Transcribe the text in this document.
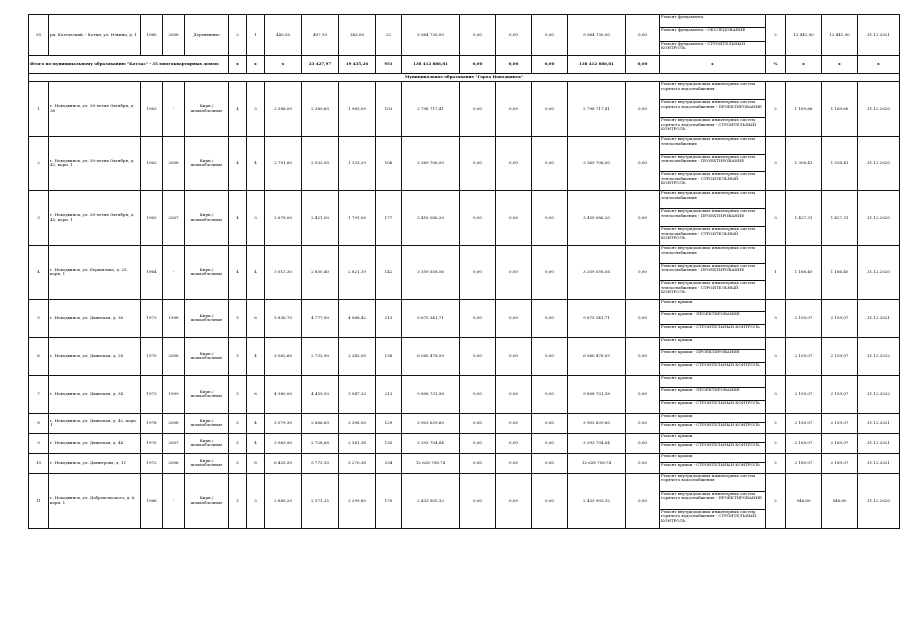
35	рп. Котельский, - Котин, ул. Ильина, д. 1	1960	2008	Деревянные	2	1	445,50	407,10	343,00	22	5 064 730,00	0,00	0,00	0,00	5 064 730,00	0,00	Ремонт фундамента
Ремонт фундамента - ОБСЛЕДОВАНИЕ
Ремонт фундамента - СТРОИТЕЛЬНЫЙ КОНТРОЛЬ	2	12 441,00	12 441,00	31.12.2021
Итого по муниципальному образованию "Котлас" - 35 многоквартирных домов:					x	x	x	23 427,97	19 435,26	951	138 412 886,81	0,00	0,00	0,00	138 412 886,81	0,00	x	%	x	x	x
Муниципальное образование "Город Новодвинск"																					
1	г. Новодвинск, ул. 50-летия Октября, д. 36	1963	-	Кирп./шлакоблочные	4	3	2 586,00	2 389,60	1 985,00	103	2 798 717,41	0,00	0,00	0,00	2 798 717,41	0,00	Ремонт внутридомовых инженерных систем горячего водоснабжения
Ремонт внутридомовых инженерных систем горячего водоснабжения - ПРОЕКТИРОВАНИЕ
Ремонт внутридомовых инженерных систем горячего водоснабжения - СТРОИТЕЛЬНЫЙ КОНТРОЛЬ	2	1 169,66	1 169,66	31.12.2020
2	г. Новодвинск, ул. 50-летия Октября, д. 42, корп. 1	1962	2008	Кирп./шлакоблочные	4	4	2 791,60	2 533,00	1 133,29	106	3 369 706,00	0,00	0,00	0,00	3 369 706,00	0,00	Ремонт внутридомовых инженерных систем теплоснабжения
Ремонт внутридомовых инженерных систем теплоснабжения - ПРОЕКТИРОВАНИЕ
Ремонт внутридомовых инженерных систем теплоснабжения - СТРОИТЕЛЬНЫЙ КОНТРОЛЬ	3	1 308,41	1 538,41	31.12.2020
3	г. Новодвинск, ул. 50-летия Октября, д. 45, корп. 1	1963	2007	Кирп./шлакоблочные	4	3	2 678,00	2 421,00	1 791,00	177	3 455 086,20	0,00	0,00	0,00	3 455 086,20	0,00	Ремонт внутридомовых инженерных систем теплоснабжения
Ремонт внутридомовых инженерных систем теплоснабжения - ПРОЕКТИРОВАНИЕ
Ремонт внутридомовых инженерных систем теплоснабжения - СТРОИТЕЛЬНЫЙ КОНТРОЛЬ	3	1 427,31	1 427,31	31.12.2020
4	г. Новодвинск, ул. Бершилова, д. 25, корп. 1	1964	-	Кирп./шлакоблочные	4	4	3 013,30	2 850,40	2 621,19	142	3 359 558,56	0,00	0,00	0,00	3 359 558,56	0,00	Ремонт внутридомовых инженерных систем теплоснабжения
Ремонт внутридомовых инженерных систем теплоснабжения - ПРОЕКТИРОВАНИЕ
Ремонт внутридомовых инженерных систем теплоснабжения - СТРОИТЕЛЬНЫЙ КОНТРОЛЬ	1	1 166,40	1 166,40	31.12.2020
5	г. Новодвинск, ул. Двинская, д. 36	1973	1998	Кирп./шлакоблочные	5	6	5 836,70	4 777,00	4 068,42	213	9 675 341,71	0,00	0,00	0,00	9 675 341,71	0,00	Ремонт крыши
Ремонт крыши - ПРОЕКТИРОВАНИЕ
Ремонт крыши - СТРОИТЕЛЬНЫЙ КОНТРОЛЬ	3	2 159,07	2 159,07	31.12.2021
6	г. Новодвинск, ул. Двинская, д. 28	1975	2008	Кирп./шлакоблочные	5	4	3 062,60	2 733,90	2 345,50	138	6 060 478,59	0,00	0,00	0,00	6 060 478,59	0,00	Ремонт крыши
Ремонт крыши - ПРОЕКТИРОВАНИЕ
Ремонт крыши - СТРОИТЕЛЬНЫЙ КОНТРОЛЬ	3	2 159,07	2 159,07	31.12.2022
7	г. Новодвинск, ул. Двинская, д. 34	1973	1999	Кирп./шлакоблочные	5	6	4 980,00	4 459,30	3 947,33	213	9 808 731,58	0,00	0,00	0,00	9 808 731,58	0,00	Ремонт крыши
Ремонт крыши - ПРОЕКТИРОВАНИЕ
Ремонт крыши - СТРОИТЕЛЬНЫЙ КОНТРОЛЬ	3	2 159,07	2 159,07	31.12.2022
8	г. Новодвинск, ул. Двинская, д. 42, корп. 1	1978	2008	Кирп./шлакоблочные	5	4	3 079,30	2 866,69	2 396,50	129	3 903 639,60	0,00	0,00	0,00	3 903 639,60	0,00	Ремонт крыши
Ремонт крыши - СТРОИТЕЛЬНЫЙ КОНТРОЛЬ	2	2 159,07	2 159,07	31.12.2021
9	г. Новодвинск, ул. Двинская, д. 44	1975	2007	Кирп./шлакоблочные	5	4	3 063,90	2 728,68	2 381,38	135	3 393 794,84	0,00	0,00	0,00	3 393 794,84	0,00	Ремонт крыши
Ремонт крыши - СТРОИТЕЛЬНЫЙ КОНТРОЛЬ	2	2 169,07	2 169,07	31.12.2021
10	г. Новодвинск, ул. Димитрова, д. 11	1972	2006	Кирп./шлакоблочные	5	8	6 425,50	5 773,10	5 270,38	294	12 628 708,74	0,00	0,00	0,00	12 628 708,74	0,00	Ремонт крыши
Ремонт крыши - СТРОИТЕЛЬНЫЙ КОНТРОЛЬ	2	2 189,07	2 189,07	31.12.2021
11	г. Новодвинск, ул. Добровольского, д. 6, корп. 1	1966	-	Кирп./шлакоблочные	5	3	2 880,20	2 571,25	2 299,80	170	2 433 905,32	0,00	0,00	0,00	2 433 905,32	0,00	Ремонт внутридомовых инженерных систем горячего водоснабжения
Ремонт внутридомовых инженерных систем горячего водоснабжения - ПРОЕКТИРОВАНИЕ
Ремонт внутридомовых инженерных систем горячего водоснабжения - СТРОИТЕЛЬНЫЙ КОНТРОЛЬ	2	946,60	946,60	31.12.2020
